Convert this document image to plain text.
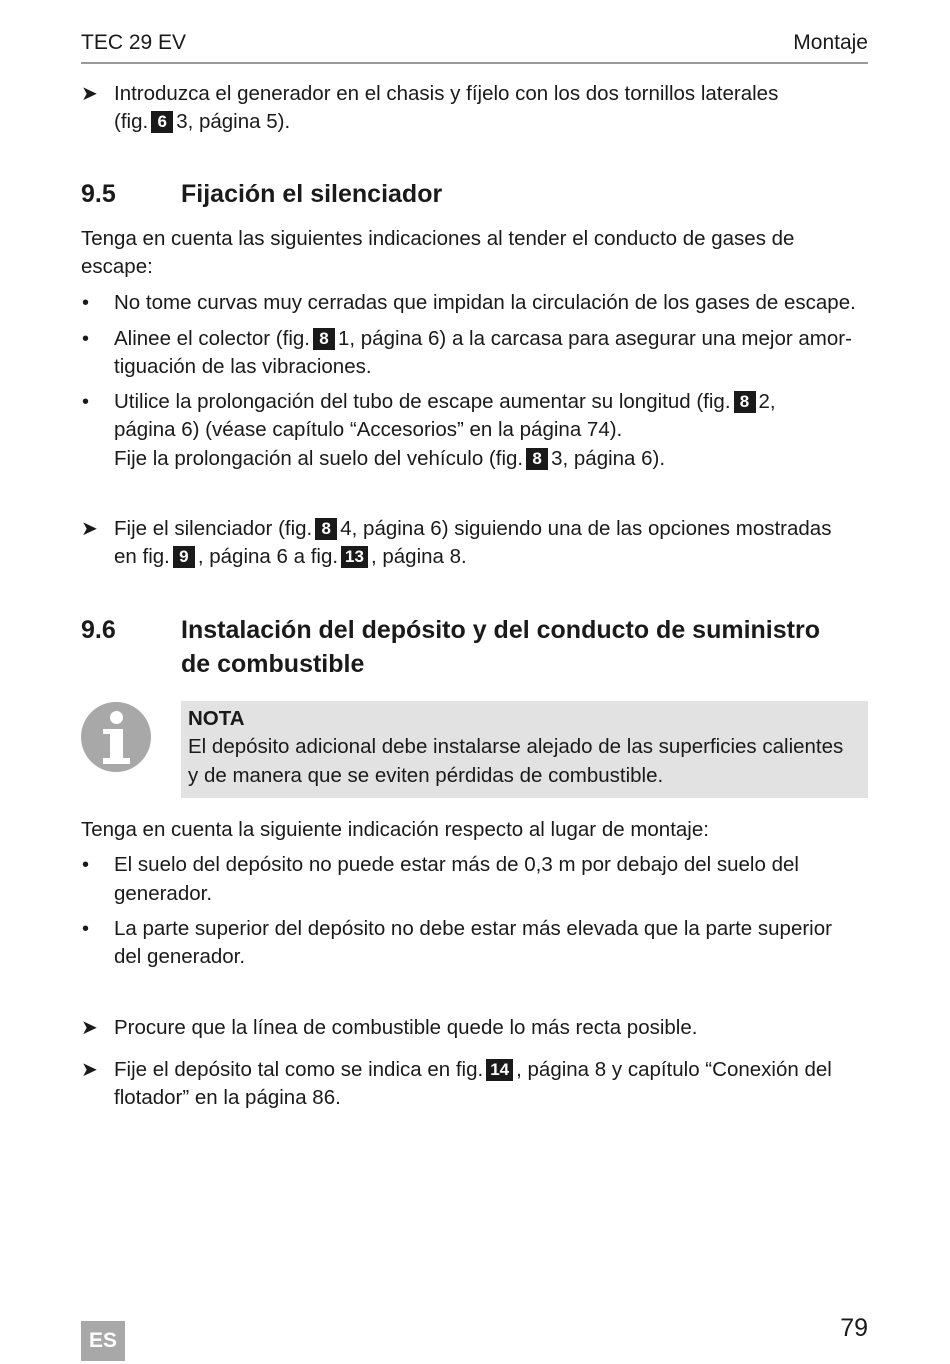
TEC 29 EV	Montaje
➤ Introduzca el generador en el chasis y fíjelo con los dos tornillos laterales
(fig. 6 3, página 5).
9.5	Fijación el silenciador
Tenga en cuenta las siguientes indicaciones al tender el conducto de gases de
escape:
• No tome curvas muy cerradas que impidan la circulación de los gases de escape.
• Alinee el colector (fig. 8 1, página 6) a la carcasa para asegurar una mejor amor-
tiguación de las vibraciones.
• Utilice la prolongación del tubo de escape aumentar su longitud (fig. 8 2,
página 6) (véase capítulo “Accesorios” en la página 74).
Fije la prolongación al suelo del vehículo (fig. 8 3, página 6).
➤ Fije el silenciador (fig. 8 4, página 6) siguiendo una de las opciones mostradas
en fig. 9 , página 6 a fig. 13 , página 8.
9.6	Instalación del depósito y del conducto de suministro
de combustible
NOTA
El depósito adicional debe instalarse alejado de las superficies calientes
y de manera que se eviten pérdidas de combustible.
Tenga en cuenta la siguiente indicación respecto al lugar de montaje:
• El suelo del depósito no puede estar más de 0,3 m por debajo del suelo del
generador.
• La parte superior del depósito no debe estar más elevada que la parte superior
del generador.
➤ Procure que la línea de combustible quede lo más recta posible.
➤ Fije el depósito tal como se indica en fig. 14 , página 8 y capítulo “Conexión del
flotador” en la página 86.
ES	79
